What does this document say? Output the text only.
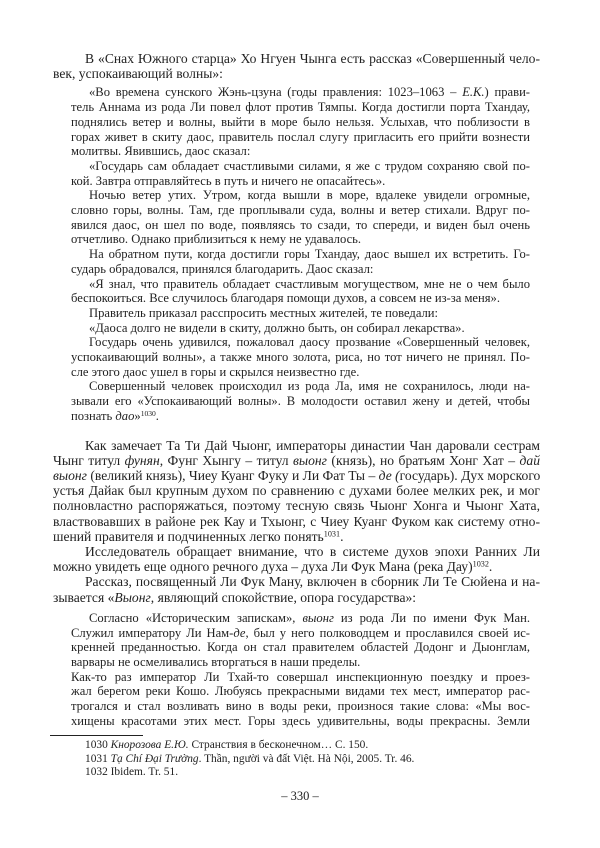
В «Снах Южного старца» Хо Нгуен Чынга есть рассказ «Совершенный чело-
век, успокаивающий волны»:
«Во времена сунского Жэнь-цзуна (годы правления: 1023–1063 – Е.К.) прави-
тель Аннама из рода Ли повел флот против Тямпы. Когда достигли порта Тхандау,
поднялись ветер и волны, выйти в море было нельзя. Услыхав, что поблизости в
горах живет в скиту даос, правитель послал слугу пригласить его прийти вознести
молитвы. Явившись, даос сказал:
«Государь сам обладает счастливыми силами, я же с трудом сохраняю свой по-
кой. Завтра отправляйтесь в путь и ничего не опасайтесь».
Ночью ветер утих. Утром, когда вышли в море, вдалеке увидели огромные,
словно горы, волны. Там, где проплывали суда, волны и ветер стихали. Вдруг по-
явился даос, он шел по воде, появляясь то сзади, то спереди, и виден был очень
отчетливо. Однако приблизиться к нему не удавалось.
На обратном пути, когда достигли горы Тхандау, даос вышел их встретить. Го-
сударь обрадовался, принялся благодарить. Даос сказал:
«Я знал, что правитель обладает счастливым могуществом, мне не о чем было
беспокоиться. Все случилось благодаря помощи духов, а совсем не из-за меня».
Правитель приказал расспросить местных жителей, те поведали:
«Даоса долго не видели в скиту, должно быть, он собирал лекарства».
Государь очень удивился, пожаловал даосу прозвание «Совершенный человек,
успокаивающий волны», а также много золота, риса, но тот ничего не принял. По-
сле этого даос ушел в горы и скрылся неизвестно где.
Совершенный человек происходил из рода Ла, имя не сохранилось, люди на-
зывали его «Успокаивающий волны». В молодости оставил жену и детей, чтобы
познать дао»$^{1030}$.
Как замечает Та Ти Дай Чыонг, императоры династии Чан даровали сестрам
Чынг титул фунян, Фунг Хынгу – титул выонг (князь), но братьям Хонг Хат – дай
выонг (великий князь), Чиеу Куанг Фуку и Ли Фат Ты – де (государь). Дух морского
устья Дайак был крупным духом по сравнению с духами более мелких рек, и мог
полновластно распоряжаться, поэтому тесную связь Чыонг Хонга и Чыонг Хата,
властвовавших в районе рек Кау и Тхыонг, с Чиеу Куанг Фуком как систему отно-
шений правителя и подчиненных легко понять$^{1031}$.
Исследователь обращает внимание, что в системе духов эпохи Ранних Ли
можно увидеть еще одного речного духа – духа Ли Фук Мана (река Дау)$^{1032}$.
Рассказ, посвященный Ли Фук Ману, включен в сборник Ли Те Сюйена и на-
зывается «Выонг, являющий спокойствие, опора государства»:
Согласно «Историческим запискам», выонг из рода Ли по имени Фук Ман.
Служил императору Ли Нам-де, был у него полководцем и прославился своей ис-
кренней преданностью. Когда он стал правителем областей Додонг и Дыонглам,
варвары не осмеливались вторгаться в наши пределы.
Как-то раз император Ли Тхай-то совершал инспекционную поездку и проез-
жал берегом реки Кошо. Любуясь прекрасными видами тех мест, император рас-
трогался и стал возливать вино в воды реки, произнося такие слова: «Мы вос-
хищены красотами этих мест. Горы здесь удивительны, воды прекрасны. Земли
1030 Кнорозова Е.Ю. Странствия в бесконечном… С. 150.
1031 Tạ Chí Đại Trường. Thần, người và đất Việt. Hà Nội, 2005. Tr. 46.
1032 Ibidem. Tr. 51.
– 330 –
